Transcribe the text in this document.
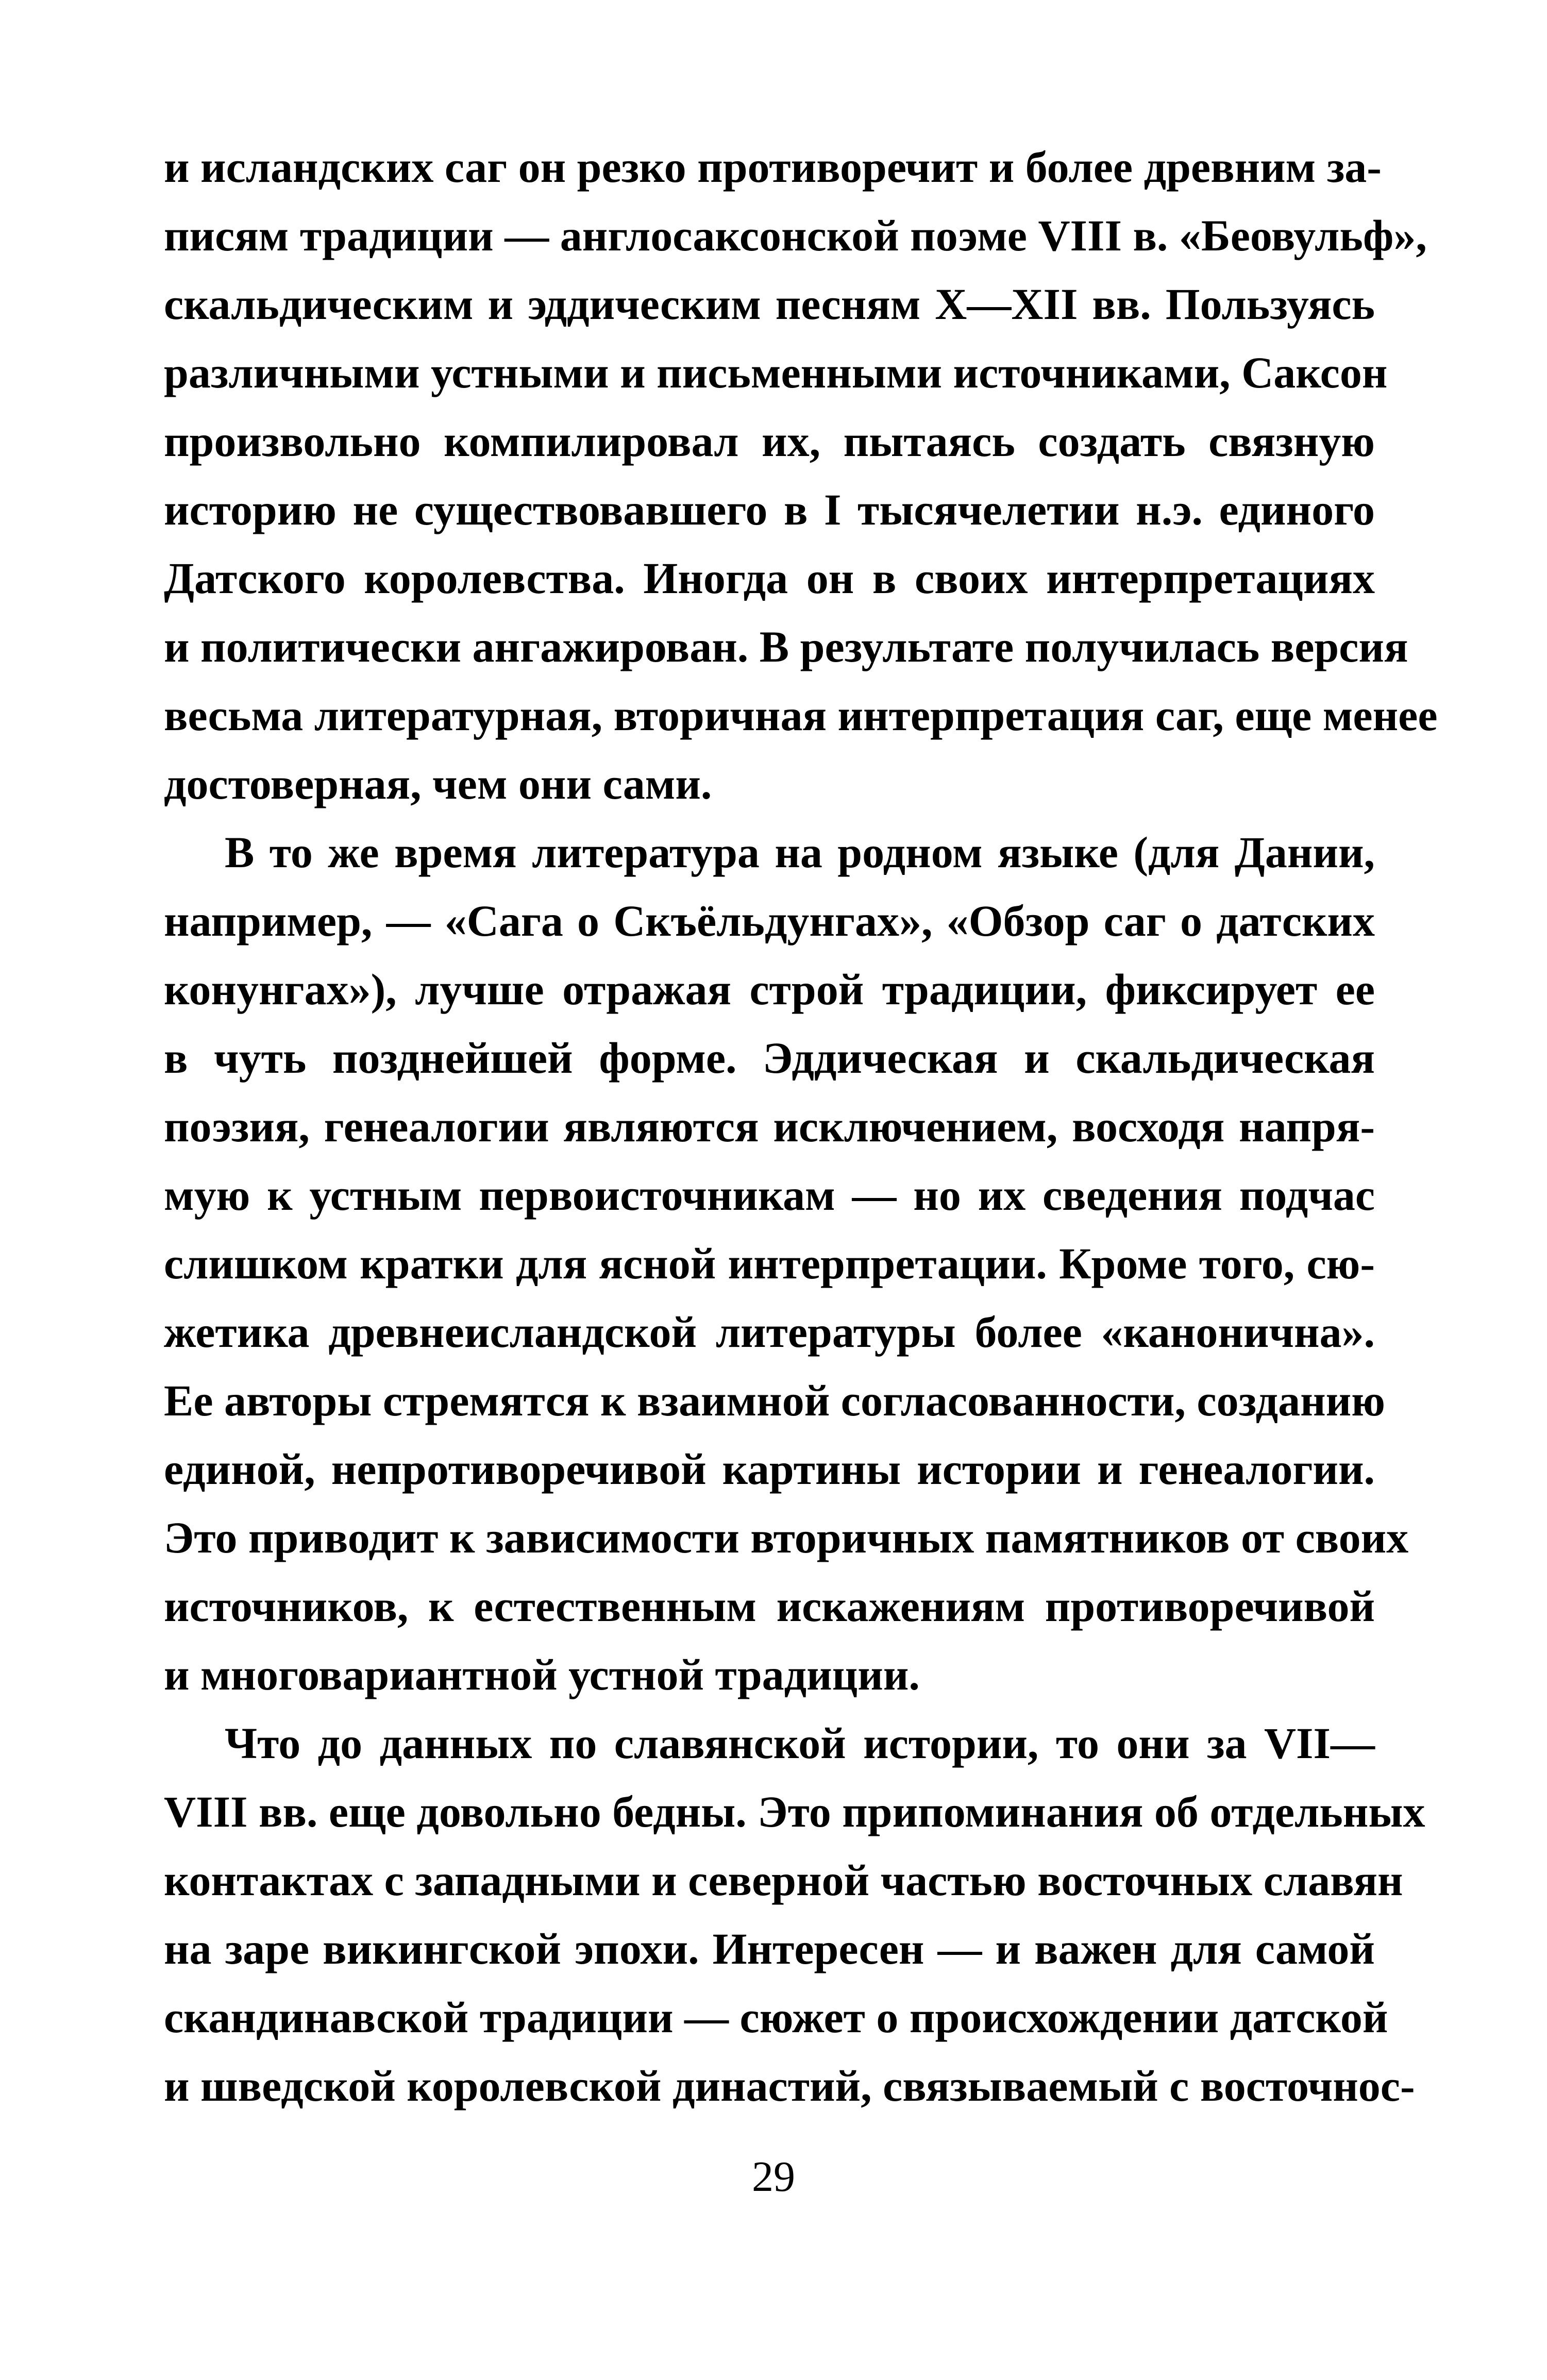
и исландских саг он резко противоречит и более древним за-
писям традиции — англосаксонской поэме VIII в. «Беовульф»,
скальдическим и эддическим песням X—XII вв. Пользуясь
различными устными и письменными источниками, Саксон
произвольно компилировал их, пытаясь создать связную
историю не существовавшего в I тысячелетии н.э. единого
Датского королевства. Иногда он в своих интерпретациях
и политически ангажирован. В результате получилась версия
весьма литературная, вторичная интерпретация саг, еще менее
достоверная, чем они сами.
В то же время литература на родном языке (для Дании,
например, — «Сага о Скъёльдунгах», «Обзор саг о датских
конунгах»), лучше отражая строй традиции, фиксирует ее
в чуть позднейшей форме. Эддическая и скальдическая
поэзия, генеалогии являются исключением, восходя напря-
мую к устным первоисточникам — но их сведения подчас
слишком кратки для ясной интерпретации. Кроме того, сю-
жетика древнеисландской литературы более «канонична».
Ее авторы стремятся к взаимной согласованности, созданию
единой, непротиворечивой картины истории и генеалогии.
Это приводит к зависимости вторичных памятников от своих
источников, к естественным искажениям противоречивой
и многовариантной устной традиции.
Что до данных по славянской истории, то они за VII—
VIII вв. еще довольно бедны. Это припоминания об отдельных
контактах с западными и северной частью восточных славян
на заре викингской эпохи. Интересен — и важен для самой
скандинавской традиции — сюжет о происхождении датской
и шведской королевской династий, связываемый с восточнос-
29
